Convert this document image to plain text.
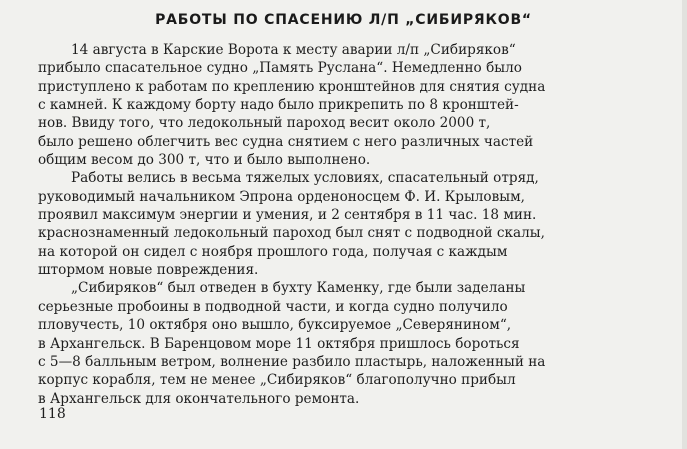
РАБОТЫ ПО СПАСЕНИЮ Л/П „СИБИРЯКОВ“
14 августа в Карские Ворота к месту аварии л/п „Сибиряков“
прибыло спасательное судно „Память Руслана“. Немедленно было
приступлено к работам по креплению кронштейнов для снятия судна
с камней. К каждому борту надо было прикрепить по 8 кронштей-
нов. Ввиду того, что ледокольный пароход весит около 2000 т,
было решено облегчить вес судна снятием с него различных частей
общим весом до 300 т, что и было выполнено.
Работы велись в весьма тяжелых условиях, спасательный отряд,
руководимый начальником Эпрона орденоносцем Ф. И. Крыловым,
проявил максимум энергии и умения, и 2 сентября в 11 час. 18 мин.
краснознаменный ледокольный пароход был снят с подводной скалы,
на которой он сидел с ноября прошлого года, получая с каждым
штормом новые повреждения.
„Сибиряков“ был отведен в бухту Каменку, где были заделаны
серьезные пробоины в подводной части, и когда судно получило
пловучесть, 10 октября оно вышло, буксируемое „Северянином“,
в Архангельск. В Баренцовом море 11 октября пришлось бороться
с 5—8 балльным ветром, волнение разбило пластырь, наложенный на
корпус корабля, тем не менее „Сибиряков“ благополучно прибыл
в Архангельск для окончательного ремонта.
118
